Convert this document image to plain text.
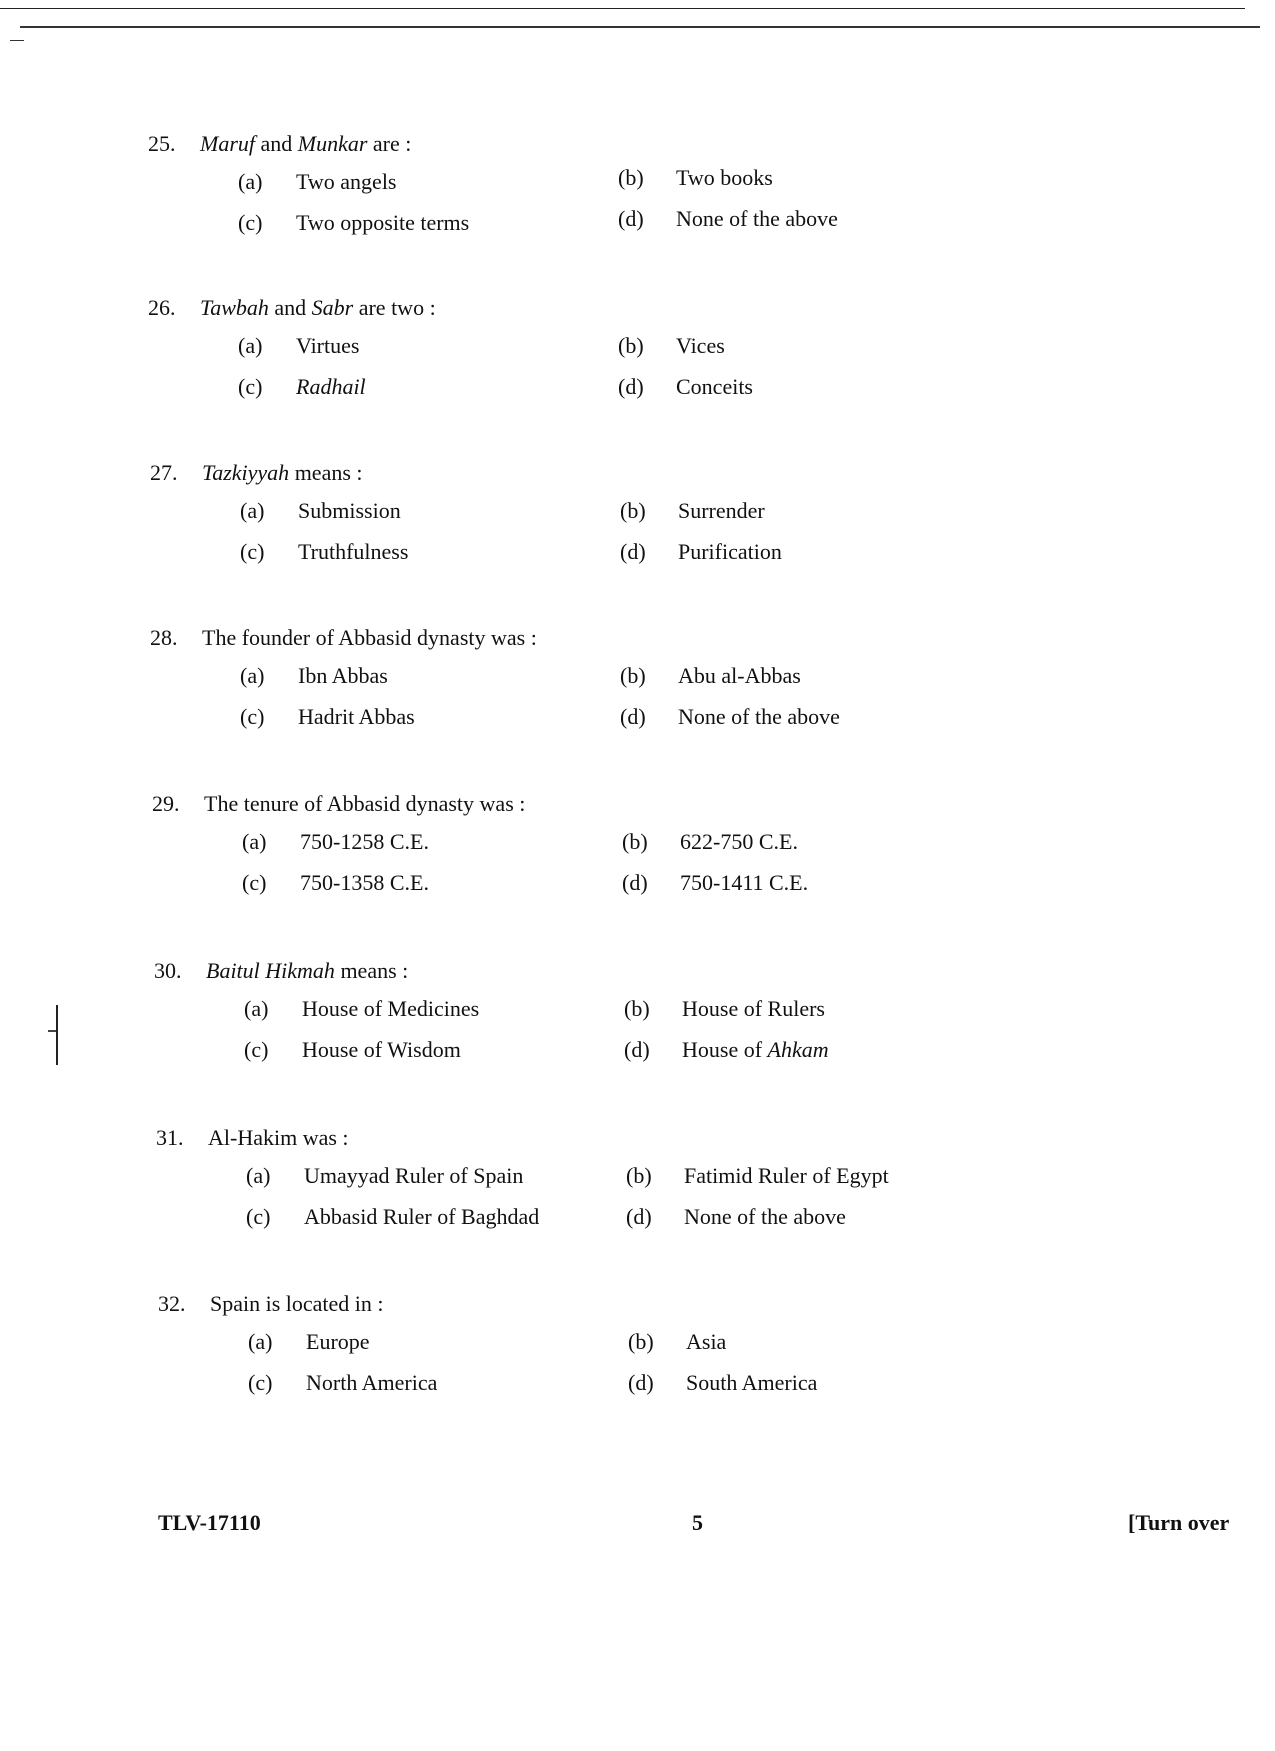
25.	Maruf and Munkar are :
(a) Two angels	(b) Two books
(c) Two opposite terms	(d) None of the above
26.	Tawbah and Sabr are two :
(a) Virtues	(b) Vices
(c) Radhail	(d) Conceits
27.	Tazkiyyah means :
(a) Submission	(b) Surrender
(c) Truthfulness	(d) Purification
28.	The founder of Abbasid dynasty was :
(a) Ibn Abbas	(b) Abu al-Abbas
(c) Hadrit Abbas	(d) None of the above
29.	The tenure of Abbasid dynasty was :
(a) 750-1258 C.E.	(b) 622-750 C.E.
(c) 750-1358 C.E.	(d) 750-1411 C.E.
30.	Baitul Hikmah means :
(a) House of Medicines	(b) House of Rulers
(c) House of Wisdom	(d) House of Ahkam
31.	Al-Hakim was :
(a) Umayyad Ruler of Spain	(b) Fatimid Ruler of Egypt
(c) Abbasid Ruler of Baghdad	(d) None of the above
32.	Spain is located in :
(a) Europe	(b) Asia
(c) North America	(d) South America
TLV-17110	5	[Turn over
